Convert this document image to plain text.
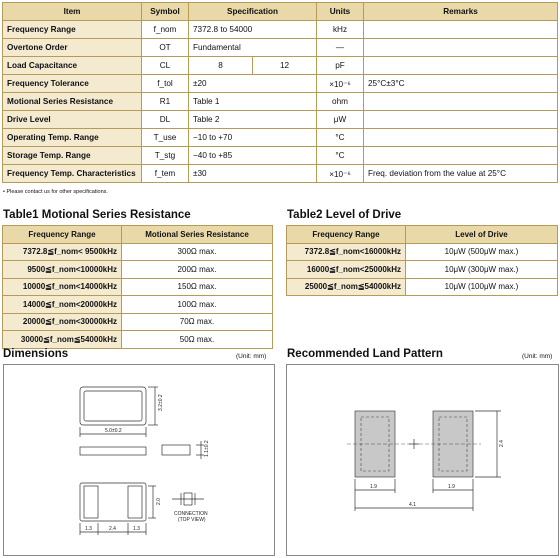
Item	Symbol	Specification		Units	Remarks
Frequency Range	f_nom	7372.8 to 54000		kHz	
Overtone Order	OT	Fundamental		—	
Load Capacitance	CL	8	12	pF	
Frequency Tolerance	f_tol	±20		×10⁻⁶	25°C±3°C
Motional Series Resistance	R1	Table 1		ohm	
Drive Level	DL	Table 2		μW	
Operating Temp. Range	T_use	−10 to +70		°C	
Storage Temp. Range	T_stg	−40 to +85		°C	
Frequency Temp. Characteristics	f_tem	±30		×10⁻⁶	Freq. deviation from the value at 25°C
• Please contact us for other specifications.
Table1 Motional Series Resistance
Frequency Range	Motional Series Resistance
7372.8≦f_nom< 9500kHz	300Ω max.
9500≦f_nom<10000kHz	200Ω max.
10000≦f_nom<14000kHz	150Ω max.
14000≦f_nom<20000kHz	100Ω max.
20000≦f_nom<30000kHz	70Ω max.
30000≦f_nom≦54000kHz	50Ω max.
Table2 Level of Drive
Frequency Range	Level of Drive
7372.8≦f_nom<16000kHz	10μW (500μW max.)
16000≦f_nom<25000kHz	10μW (300μW max.)
25000≦f_nom≦54000kHz	10μW (100μW max.)
Dimensions	(Unit: mm)
5.0±0.2
3.2±0.2
1.1±0.2
2.0
1.3	2.4	1.3
CONNECTION
(TOP VIEW)
Recommended Land Pattern	(Unit: mm)
1.9	1.9
4.1
2.4
